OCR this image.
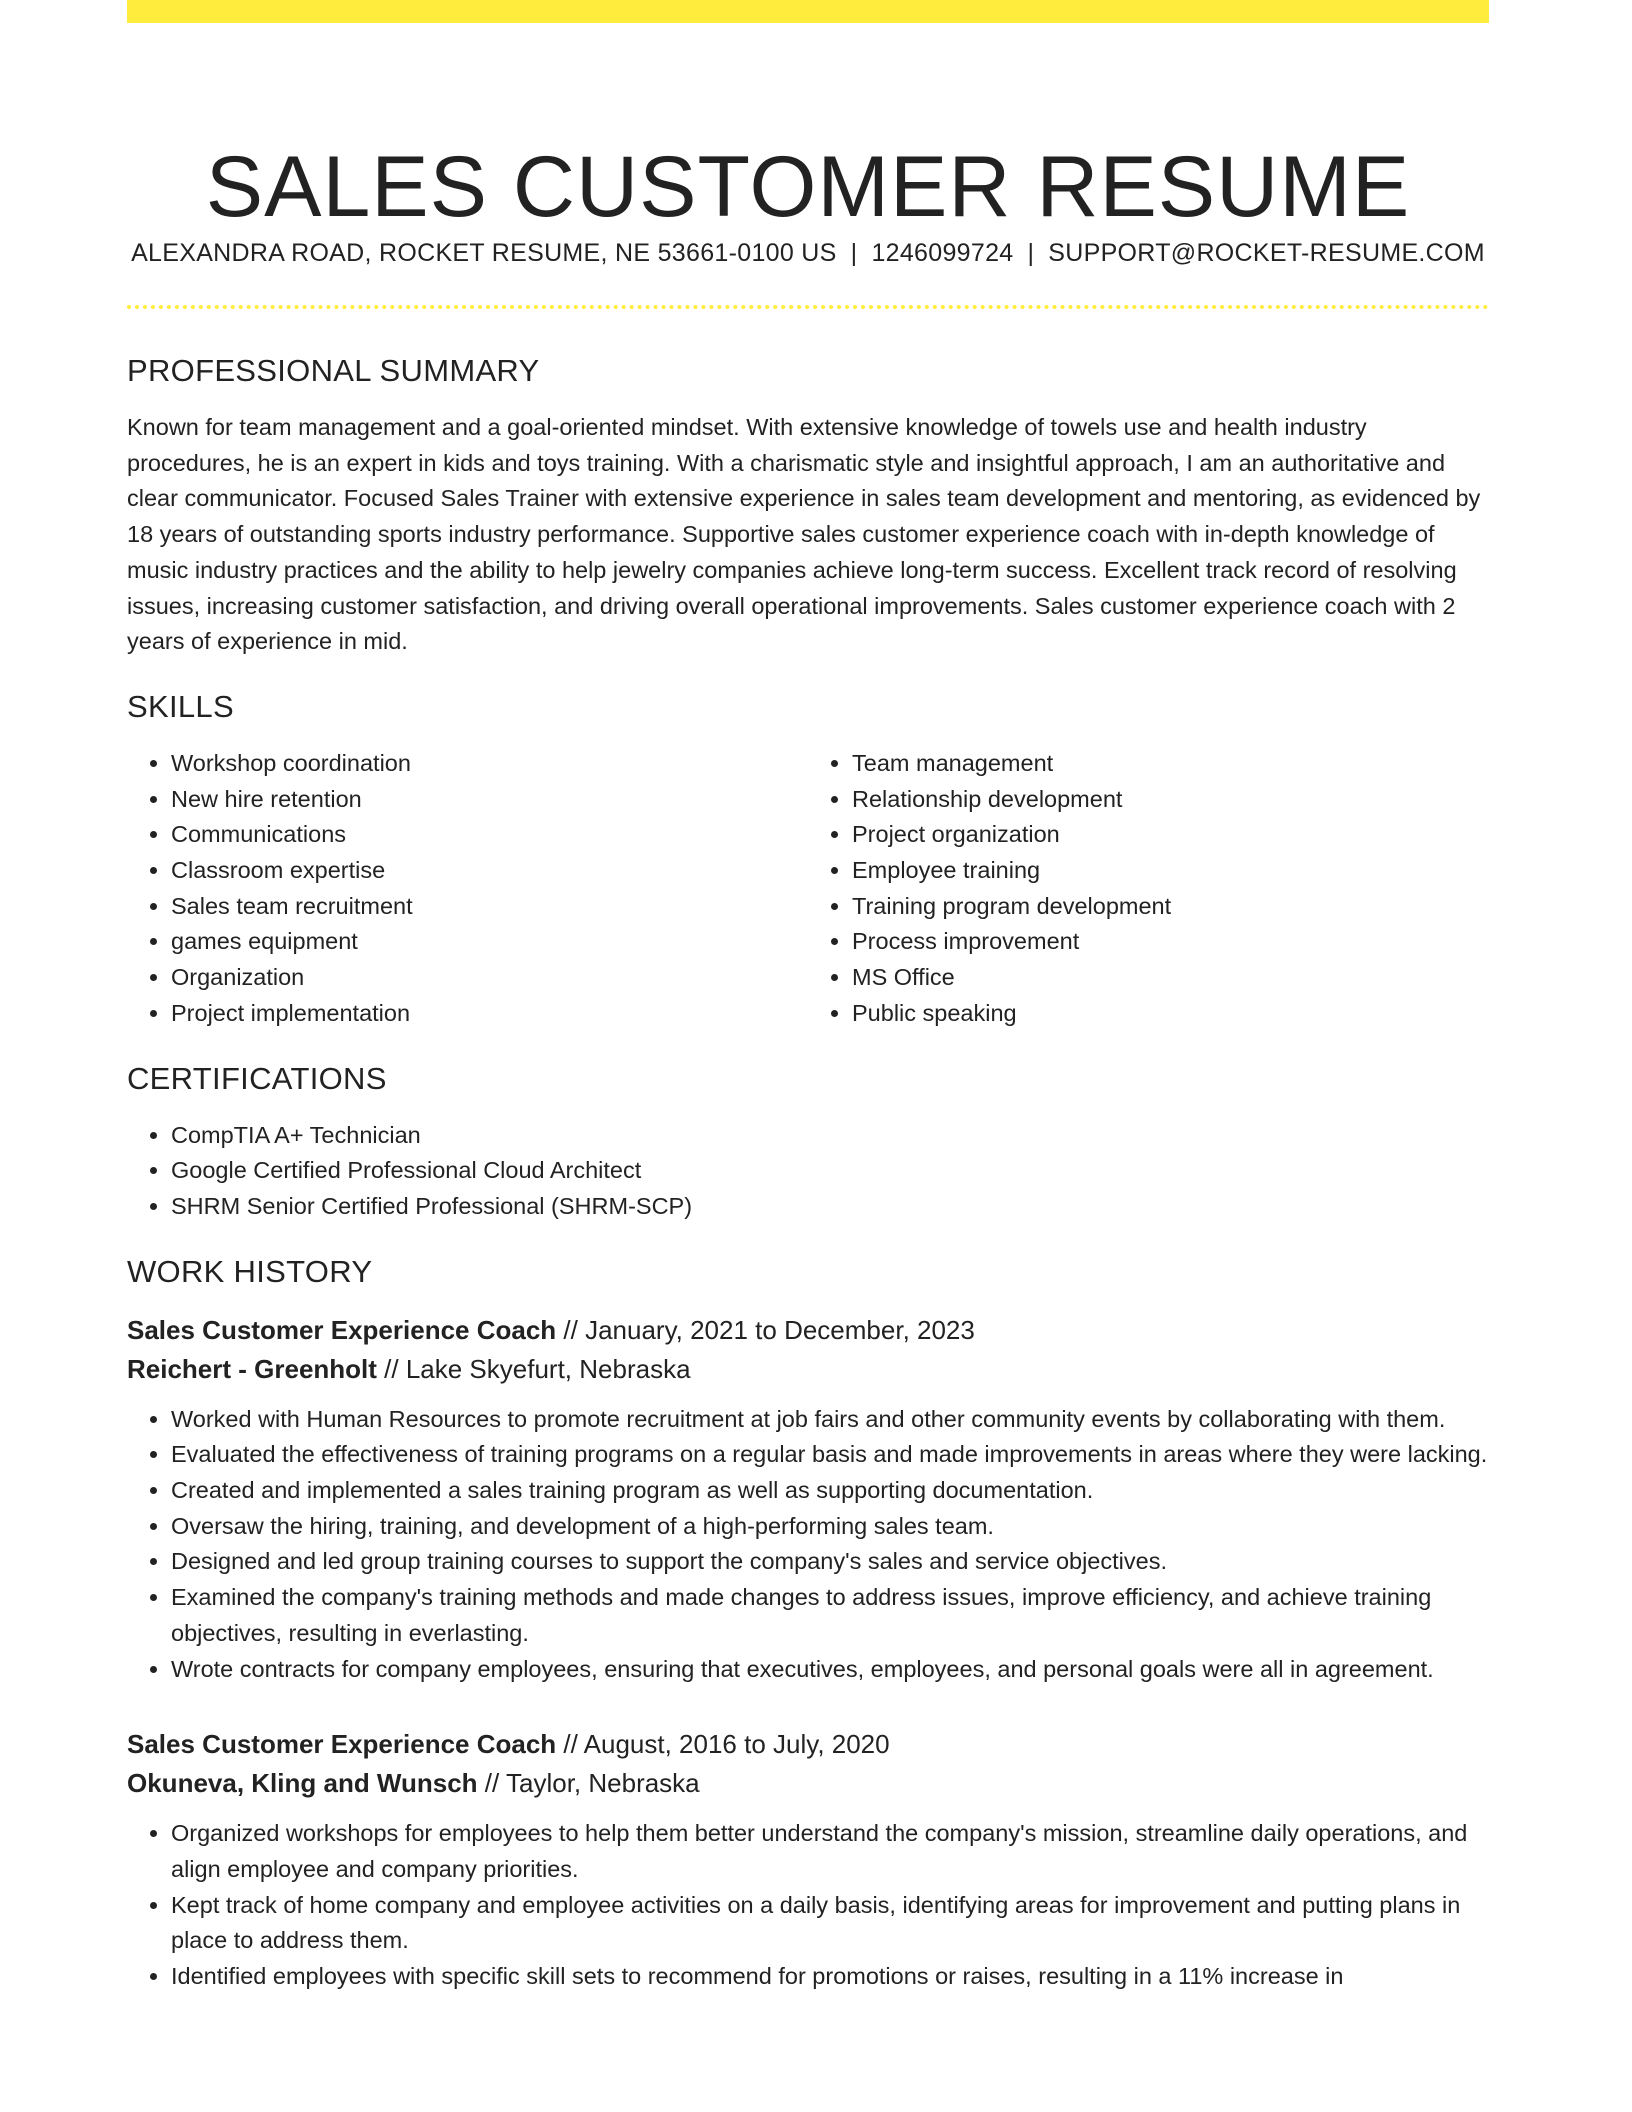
SALES CUSTOMER RESUME
ALEXANDRA ROAD, ROCKET RESUME, NE 53661-0100 US | 1246099724 | SUPPORT@ROCKET-RESUME.COM
PROFESSIONAL SUMMARY

Known for team management and a goal-oriented mindset. With extensive knowledge of towels use and health industry procedures, he is an expert in kids and toys training. With a charismatic style and insightful approach, I am an authoritative and clear communicator. Focused Sales Trainer with extensive experience in sales team development and mentoring, as evidenced by 18 years of outstanding sports industry performance. Supportive sales customer experience coach with in-depth knowledge of music industry practices and the ability to help jewelry companies achieve long-term success. Excellent track record of resolving issues, increasing customer satisfaction, and driving overall operational improvements. Sales customer experience coach with 2 years of experience in mid.

SKILLS
• Workshop coordination
• New hire retention
• Communications
• Classroom expertise
• Sales team recruitment
• games equipment
• Organization
• Project implementation
• Team management
• Relationship development
• Project organization
• Employee training
• Training program development
• Process improvement
• MS Office
• Public speaking
CERTIFICATIONS
• CompTIA A+ Technician
• Google Certified Professional Cloud Architect
• SHRM Senior Certified Professional (SHRM-SCP)
WORK HISTORY
Sales Customer Experience Coach // January, 2021 to December, 2023
Reichert - Greenholt // Lake Skyefurt, Nebraska
• Worked with Human Resources to promote recruitment at job fairs and other community events by collaborating with them.
• Evaluated the effectiveness of training programs on a regular basis and made improvements in areas where they were lacking.
• Created and implemented a sales training program as well as supporting documentation.
• Oversaw the hiring, training, and development of a high-performing sales team.
• Designed and led group training courses to support the company's sales and service objectives.
• Examined the company's training methods and made changes to address issues, improve efficiency, and achieve training objectives, resulting in everlasting.
• Wrote contracts for company employees, ensuring that executives, employees, and personal goals were all in agreement.
Sales Customer Experience Coach // August, 2016 to July, 2020
Okuneva, Kling and Wunsch // Taylor, Nebraska
• Organized workshops for employees to help them better understand the company's mission, streamline daily operations, and align employee and company priorities.
• Kept track of home company and employee activities on a daily basis, identifying areas for improvement and putting plans in place to address them.
• Identified employees with specific skill sets to recommend for promotions or raises, resulting in a 11% increase in
